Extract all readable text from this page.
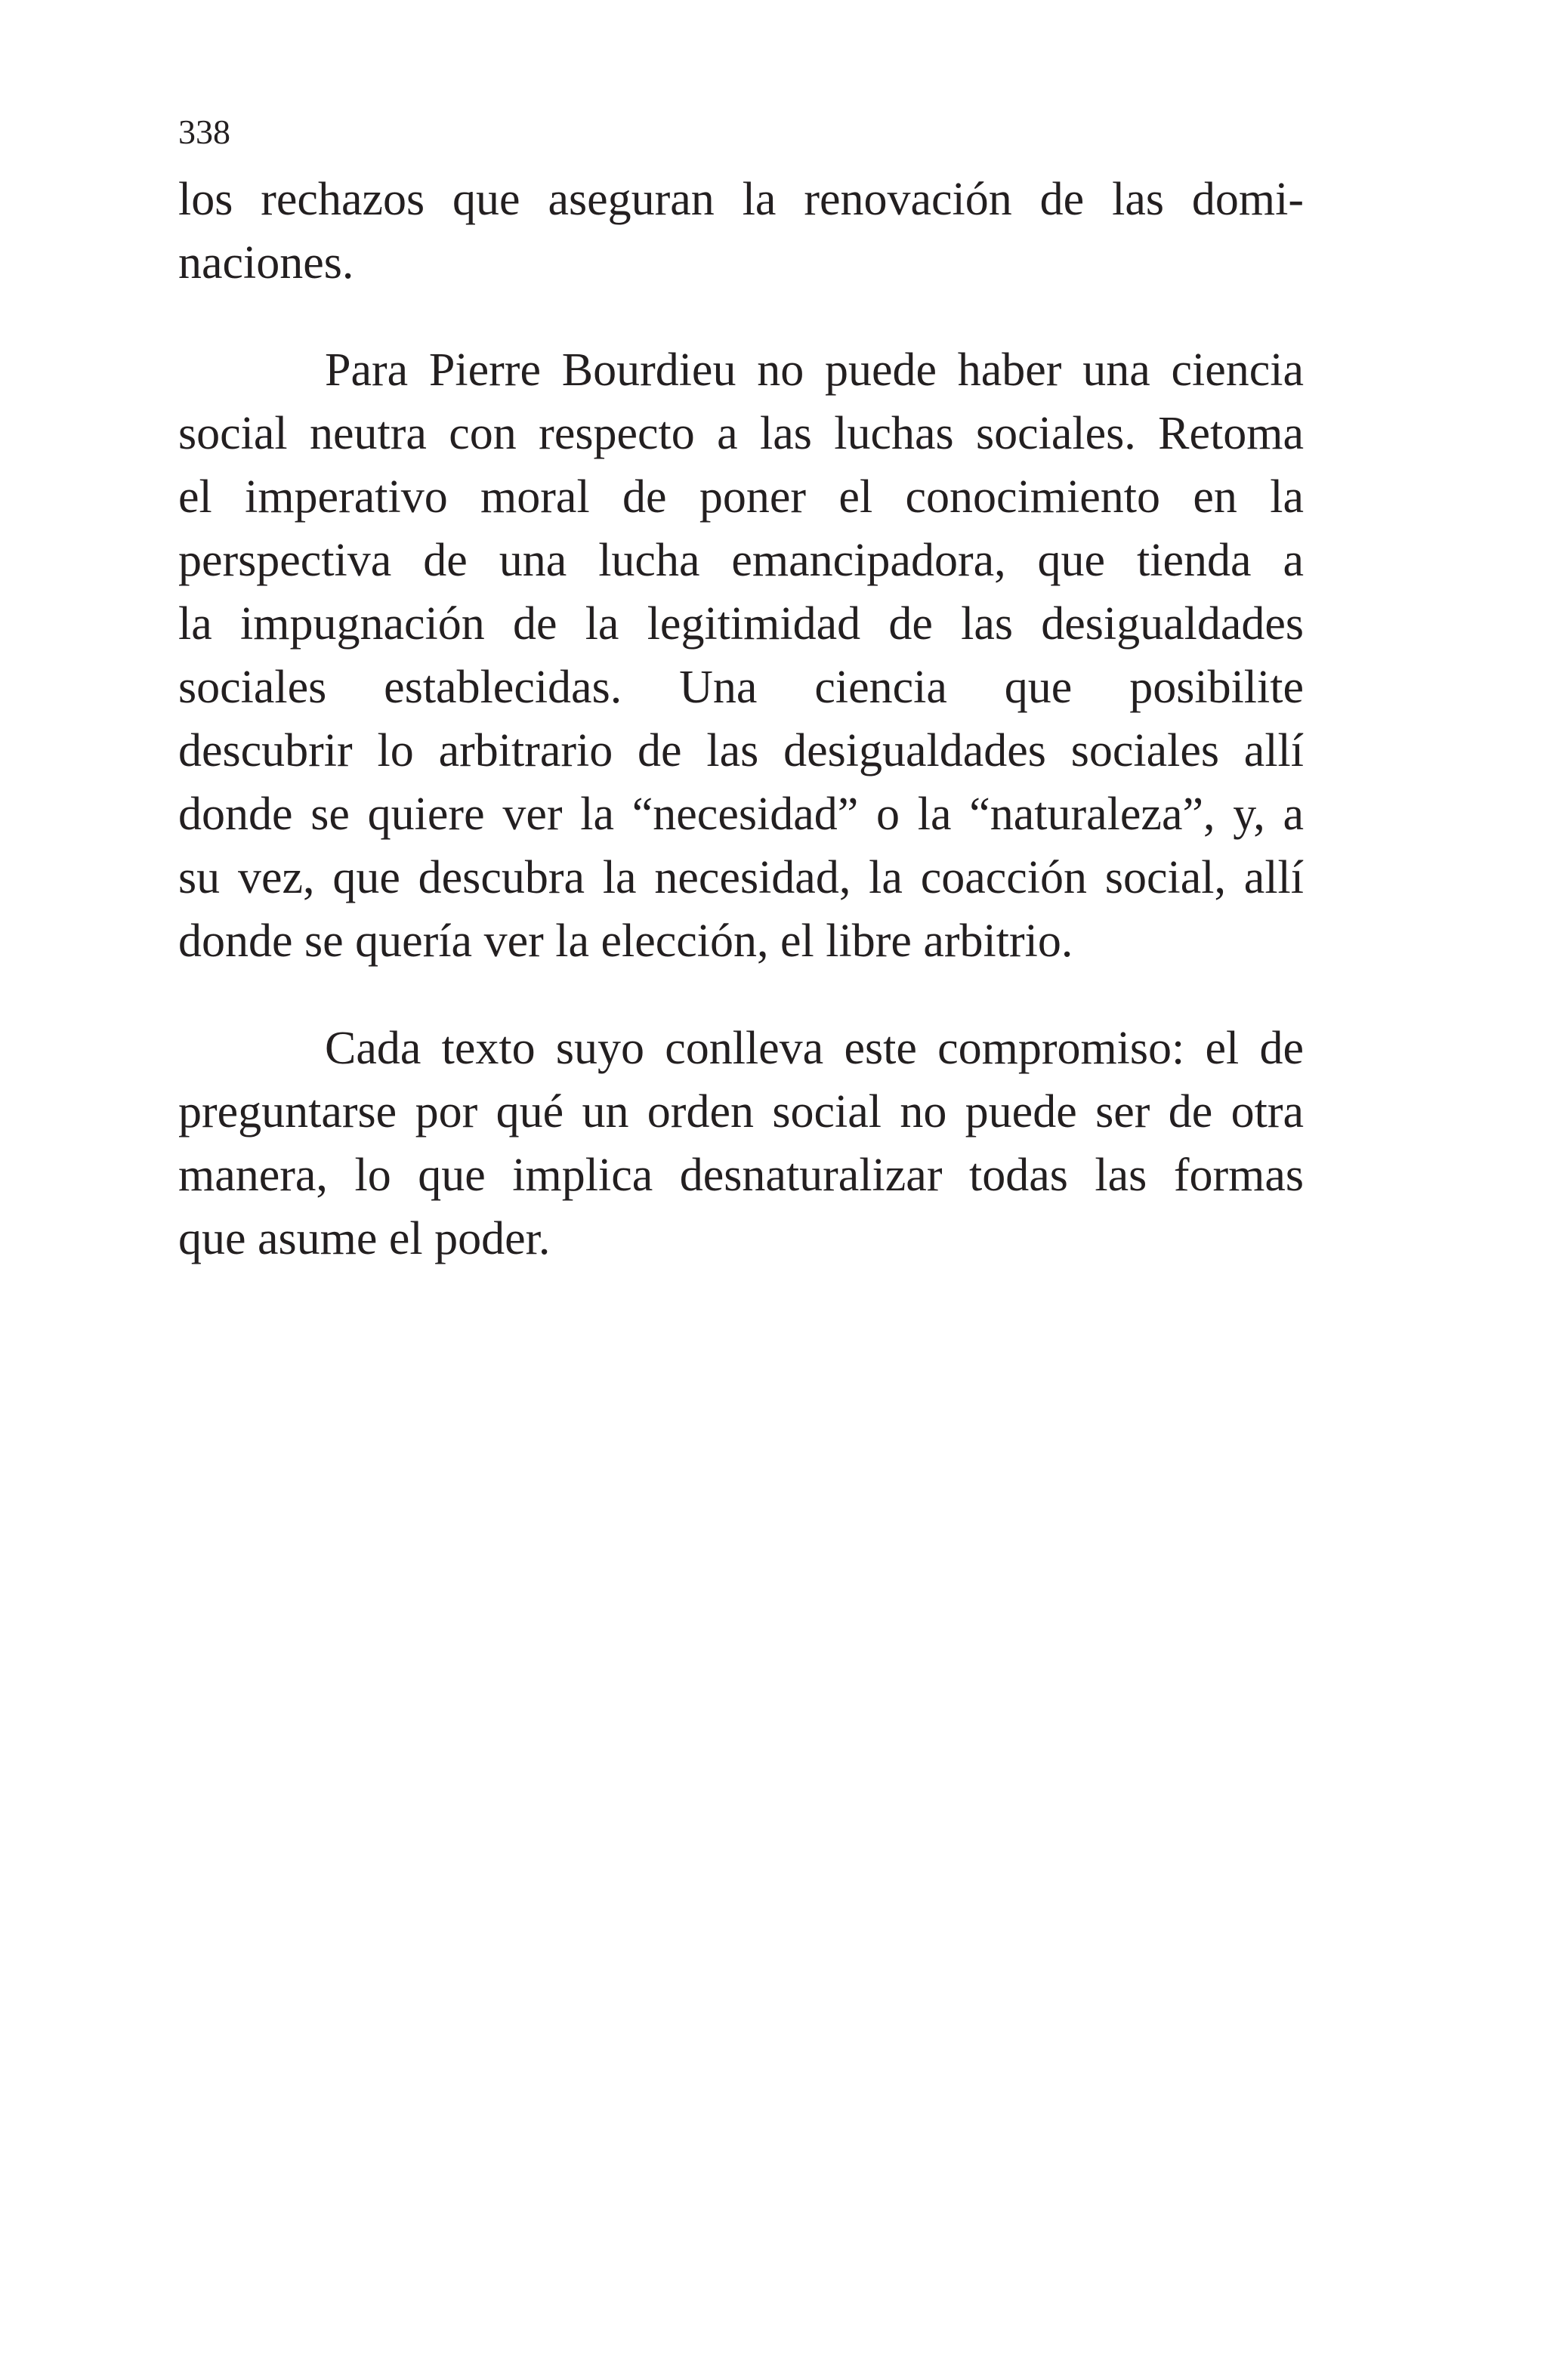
338

los rechazos que aseguran la renovación de las domi-
naciones.

Para Pierre Bourdieu no puede haber una ciencia
social neutra con respecto a las luchas sociales. Retoma
el imperativo moral de poner el conocimiento en la
perspectiva de una lucha emancipadora, que tienda a
la impugnación de la legitimidad de las desigualdades
sociales establecidas. Una ciencia que posibilite
descubrir lo arbitrario de las desigualdades sociales allí
donde se quiere ver la “necesidad” o la “naturaleza”, y, a
su vez, que descubra la necesidad, la coacción social, allí
donde se quería ver la elección, el libre arbitrio.

Cada texto suyo conlleva este compromiso: el de
preguntarse por qué un orden social no puede ser de otra
manera, lo que implica desnaturalizar todas las formas
que asume el poder.
